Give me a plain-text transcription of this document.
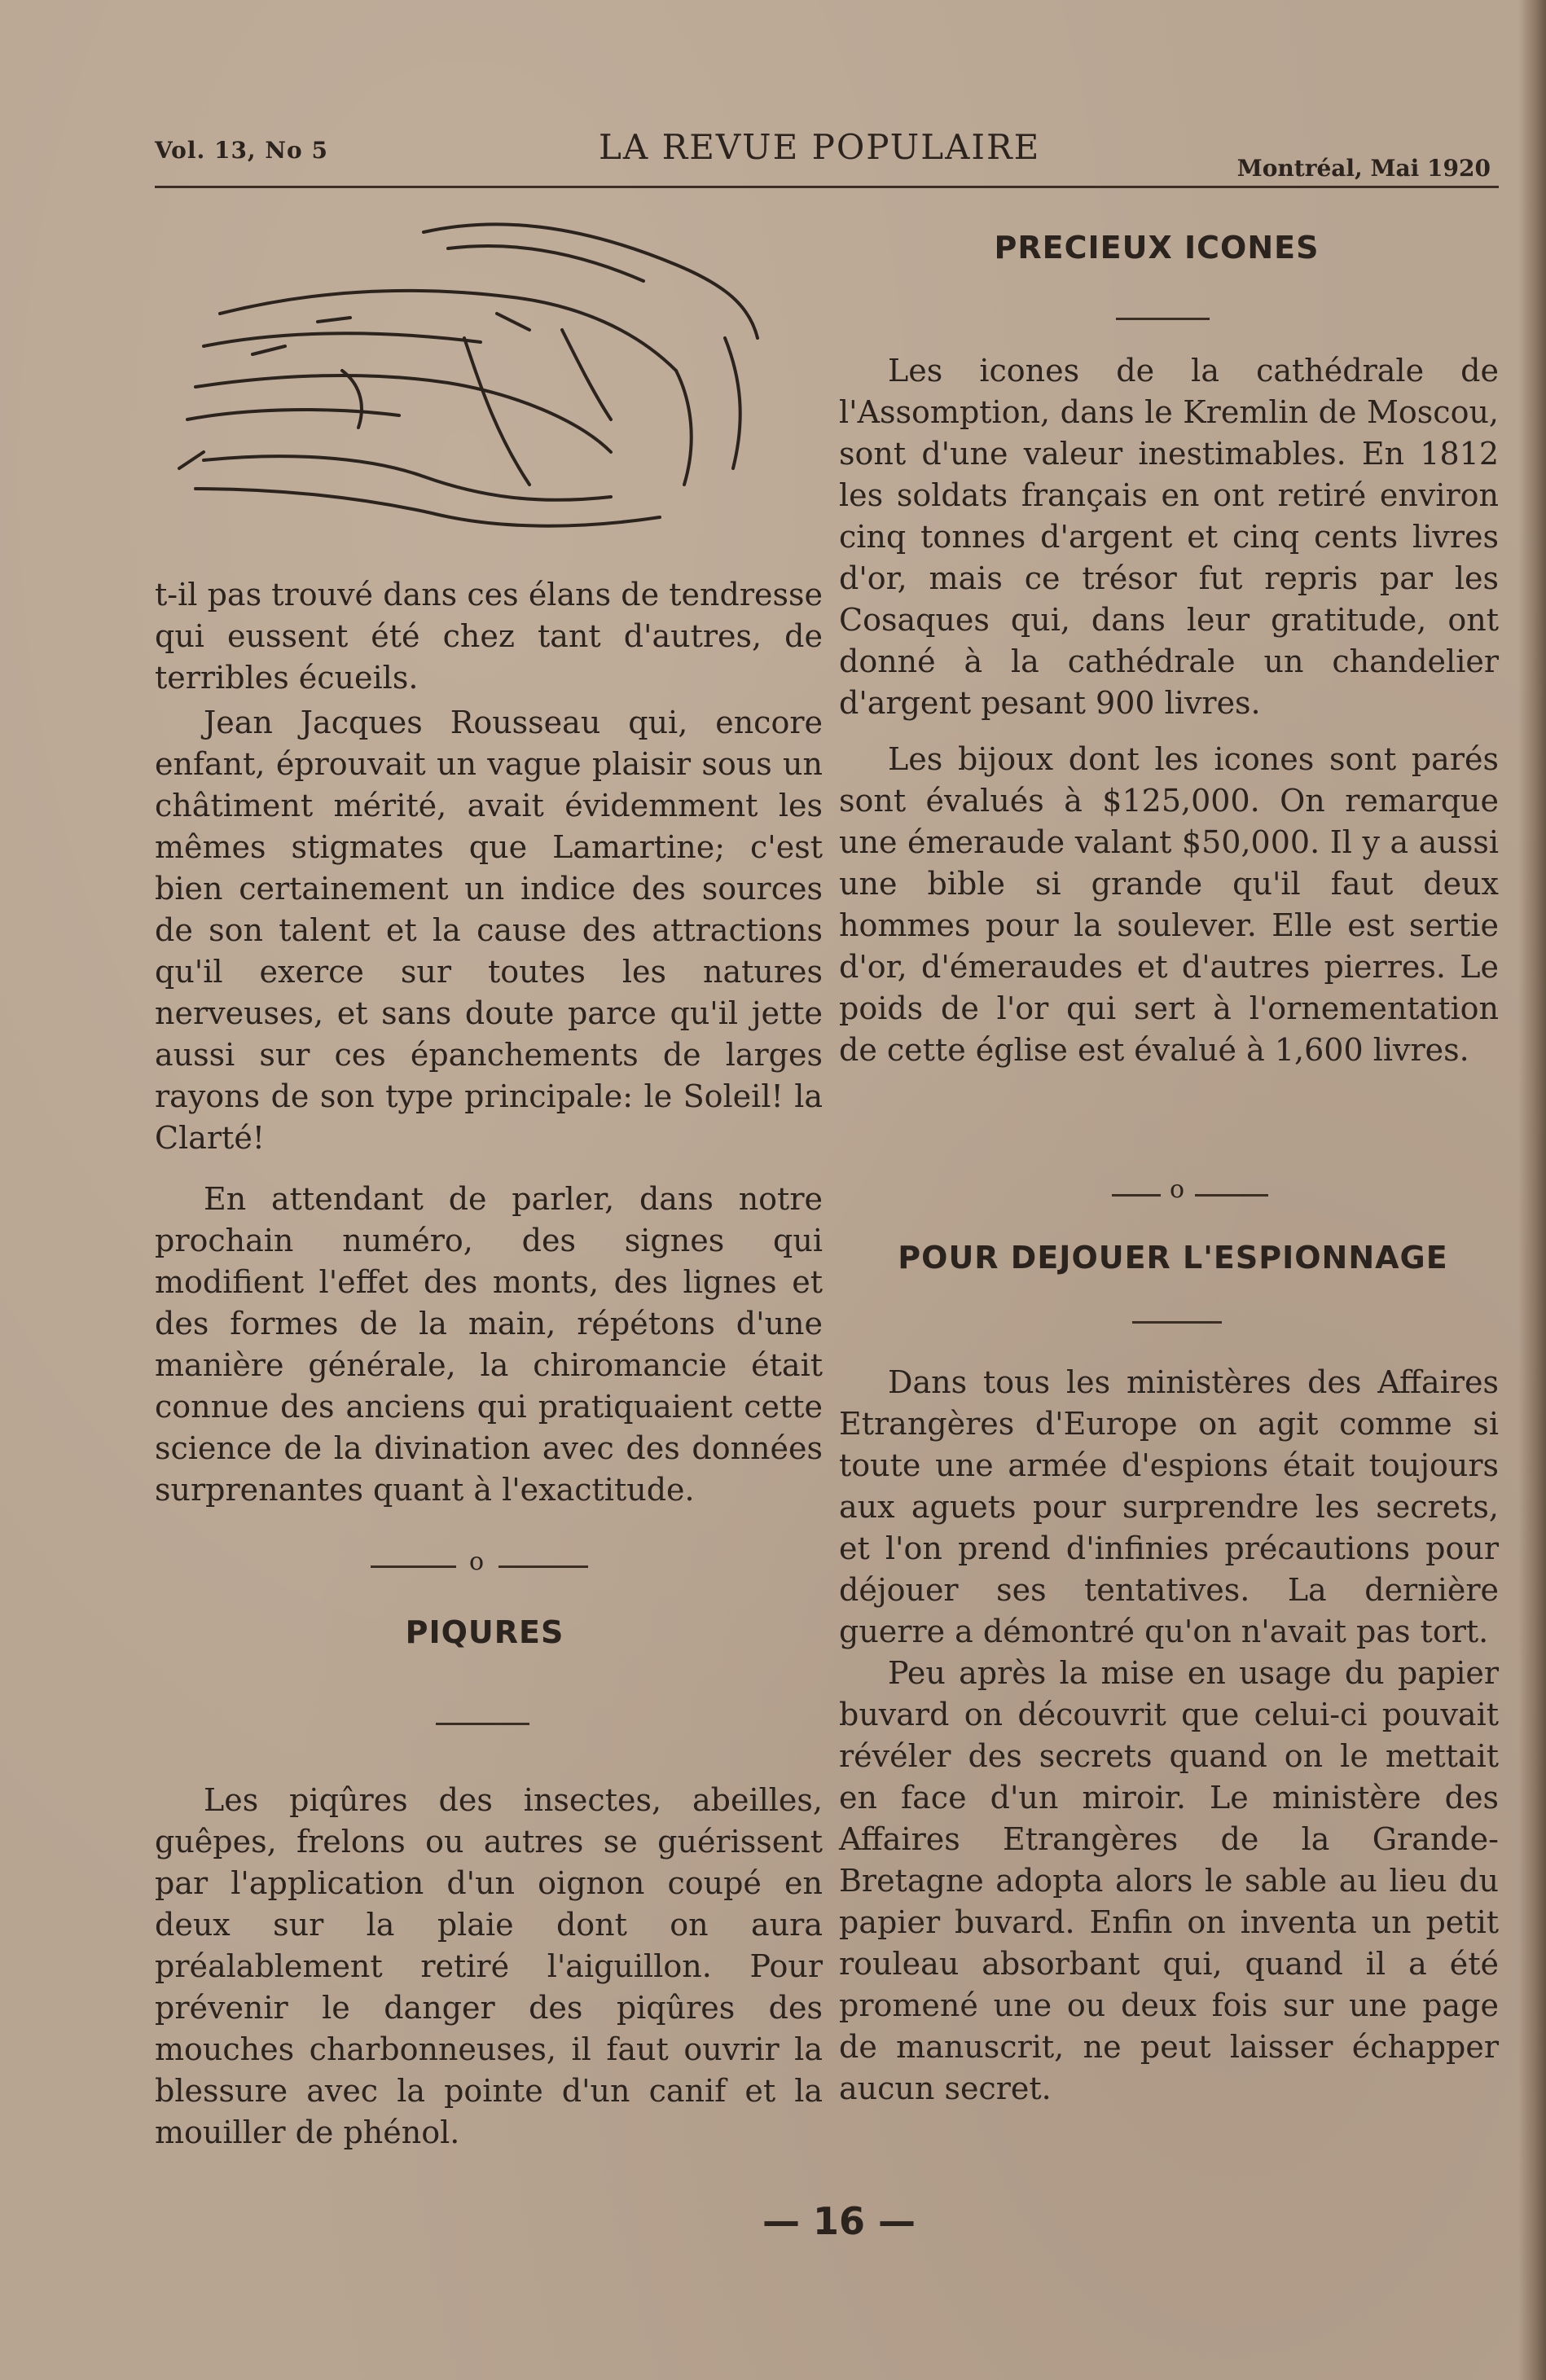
Vol. 13, No 5	LA REVUE POPULAIRE
Montréal, Mai 1920

t-il pas trouvé dans ces élans de tendresse qui eussent été chez tant d'autres, de terribles écueils.

Jean Jacques Rousseau qui, encore enfant, éprouvait un vague plaisir sous un châtiment mérité, avait évidemment les mêmes stigmates que Lamartine; c'est bien certainement un indice des sources de son talent et la cause des attractions qu'il exerce sur toutes les natures nerveuses, et sans doute parce qu'il jette aussi sur ces épanchements de larges rayons de son type principale: le Soleil! la Clarté!

En attendant de parler, dans notre prochain numéro, des signes qui modifient l'effet des monts, des lignes et des formes de la main, répétons d'une manière générale, la chiromancie était connue des anciens qui pratiquaient cette science de la divination avec des données surprenantes quant à l'exactitude.

o
PIQURES

Les piqûres des insectes, abeilles, guêpes, frelons ou autres se guérissent par l'application d'un oignon coupé en deux sur la plaie dont on aura préalablement retiré l'aiguillon. Pour prévenir le danger des piqûres des mouches charbonneuses, il faut ouvrir la blessure avec la pointe d'un canif et la mouiller de phénol.

PRECIEUX ICONES

Les icones de la cathédrale de l'Assomption, dans le Kremlin de Moscou, sont d'une valeur inestimables. En 1812 les soldats français en ont retiré environ cinq tonnes d'argent et cinq cents livres d'or, mais ce trésor fut repris par les Cosaques qui, dans leur gratitude, ont donné à la cathédrale un chandelier d'argent pesant 900 livres.

Les bijoux dont les icones sont parés sont évalués à $125,000. On remarque une émeraude valant $50,000. Il y a aussi une bible si grande qu'il faut deux hommes pour la soulever. Elle est sertie d'or, d'émeraudes et d'autres pierres. Le poids de l'or qui sert à l'ornementation de cette église est évalué à 1,600 livres.

o
POUR DEJOUER L'ESPIONNAGE

Dans tous les ministères des Affaires Etrangères d'Europe on agit comme si toute une armée d'espions était toujours aux aguets pour surprendre les secrets, et l'on prend d'infinies précautions pour déjouer ses tentatives. La dernière guerre a démontré qu'on n'avait pas tort.

Peu après la mise en usage du papier buvard on découvrit que celui-ci pouvait révéler des secrets quand on le mettait en face d'un miroir. Le ministère des Affaires Etrangères de la Grande-Bretagne adopta alors le sable au lieu du papier buvard. Enfin on inventa un petit rouleau absorbant qui, quand il a été promené une ou deux fois sur une page de manuscrit, ne peut laisser échapper aucun secret.

— 16 —
